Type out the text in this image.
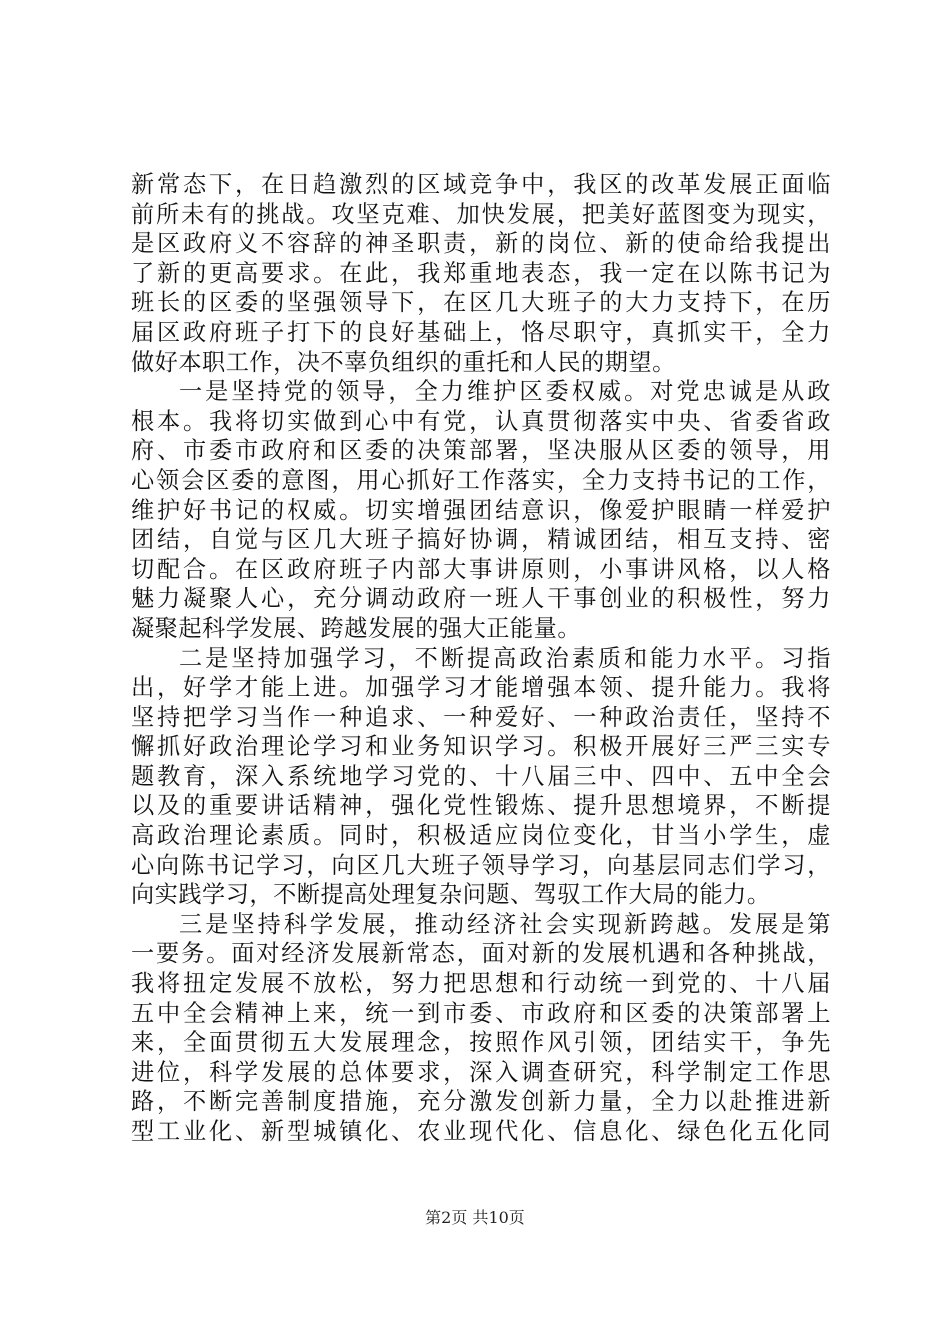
新常态下，在日趋激烈的区域竞争中，我区的改革发展正面临
前所未有的挑战。攻坚克难、加快发展，把美好蓝图变为现实，
是区政府义不容辞的神圣职责，新的岗位、新的使命给我提出
了新的更高要求。在此，我郑重地表态，我一定在以陈书记为
班长的区委的坚强领导下，在区几大班子的大力支持下，在历
届区政府班子打下的良好基础上，恪尽职守，真抓实干，全力
做好本职工作，决不辜负组织的重托和人民的期望。
一是坚持党的领导，全力维护区委权威。对党忠诚是从政
根本。我将切实做到心中有党，认真贯彻落实中央、省委省政
府、市委市政府和区委的决策部署，坚决服从区委的领导，用
心领会区委的意图，用心抓好工作落实，全力支持书记的工作，
维护好书记的权威。切实增强团结意识，像爱护眼睛一样爱护
团结，自觉与区几大班子搞好协调，精诚团结，相互支持、密
切配合。在区政府班子内部大事讲原则，小事讲风格，以人格
魅力凝聚人心，充分调动政府一班人干事创业的积极性，努力
凝聚起科学发展、跨越发展的强大正能量。
二是坚持加强学习，不断提高政治素质和能力水平。习指
出，好学才能上进。加强学习才能增强本领、提升能力。我将
坚持把学习当作一种追求、一种爱好、一种政治责任，坚持不
懈抓好政治理论学习和业务知识学习。积极开展好三严三实专
题教育，深入系统地学习党的、十八届三中、四中、五中全会
以及的重要讲话精神，强化党性锻炼、提升思想境界，不断提
高政治理论素质。同时，积极适应岗位变化，甘当小学生，虚
心向陈书记学习，向区几大班子领导学习，向基层同志们学习，
向实践学习，不断提高处理复杂问题、驾驭工作大局的能力。
三是坚持科学发展，推动经济社会实现新跨越。发展是第
一要务。面对经济发展新常态，面对新的发展机遇和各种挑战，
我将扭定发展不放松，努力把思想和行动统一到党的、十八届
五中全会精神上来，统一到市委、市政府和区委的决策部署上
来，全面贯彻五大发展理念，按照作风引领，团结实干，争先
进位，科学发展的总体要求，深入调查研究，科学制定工作思
路，不断完善制度措施，充分激发创新力量，全力以赴推进新
型工业化、新型城镇化、农业现代化、信息化、绿色化五化同
第2页 共10页
